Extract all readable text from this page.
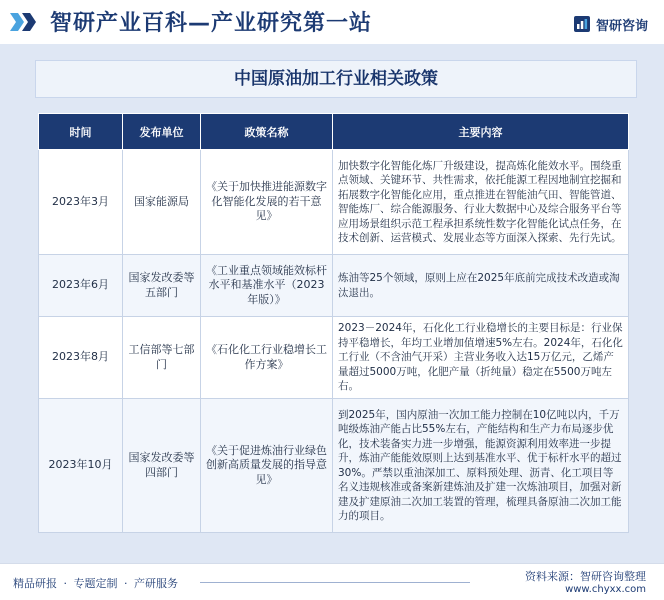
智研产业百科—产业研究第一站	智研咨询
中国原油加工行业相关政策
时间	发布单位	政策名称	主要内容
2023年3月	国家能源局	《关于加快推进能源数字化智能化发展的若干意见》	加快数字化智能化炼厂升级建设，提高炼化能效水平。围绕重点领域、关键环节、共性需求，依托能源工程因地制宜挖掘和拓展数字化智能化应用，重点推进在智能油气田、智能管道、智能炼厂、综合能源服务、行业大数据中心及综合服务平台等应用场景组织示范工程承担系统性数字化智能化试点任务，在技术创新、运营模式、发展业态等方面深入探索、先行先试。
2023年6月	国家发改委等五部门	《工业重点领域能效标杆水平和基准水平（2023年版）》	炼油等25个领域，原则上应在2025年底前完成技术改造或淘汰退出。
2023年8月	工信部等七部门	《石化化工行业稳增长工作方案》	2023－2024年，石化化工行业稳增长的主要目标是：行业保持平稳增长，年均工业增加值增速5%左右。2024年，石化化工行业（不含油气开采）主营业务收入达15万亿元，乙烯产量超过5000万吨，化肥产量（折纯量）稳定在5500万吨左右。
2023年10月	国家发改委等四部门	《关于促进炼油行业绿色创新高质量发展的指导意见》	到2025年，国内原油一次加工能力控制在10亿吨以内，千万吨级炼油产能占比55%左右，产能结构和生产力布局逐步优化，技术装备实力进一步增强，能源资源利用效率进一步提升，炼油产能能效原则上达到基准水平、优于标杆水平的超过30%。严禁以重油深加工、原料预处理、沥青、化工项目等名义违规核准或备案新建炼油及扩建一次炼油项目，加强对新建及扩建原油二次加工装置的管理，梳理具备原油二次加工能力的项目。
精品研报 · 专题定制 · 产研服务
资料来源：智研咨询整理
www.chyxx.com
